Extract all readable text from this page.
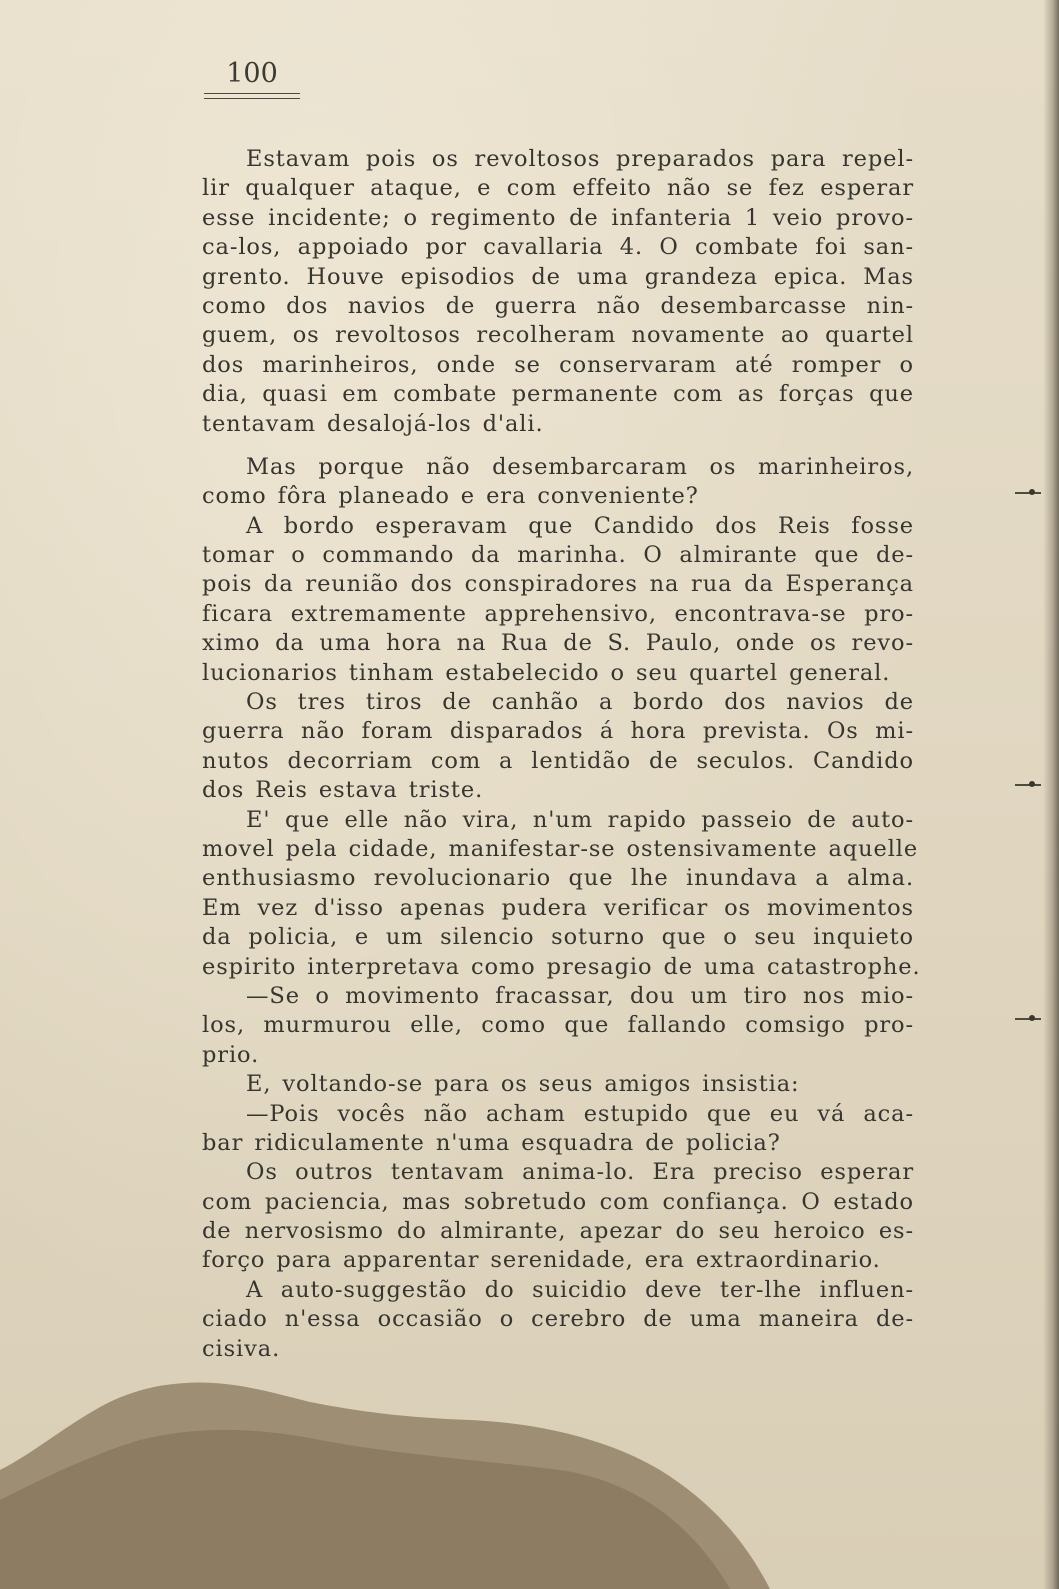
100
Estavam pois os revoltosos preparados para repel-
lir qualquer ataque, e com effeito não se fez esperar
esse incidente; o regimento de infanteria 1 veio provo-
ca-los, appoiado por cavallaria 4. O combate foi san-
grento. Houve episodios de uma grandeza epica. Mas
como dos navios de guerra não desembarcasse nin-
guem, os revoltosos recolheram novamente ao quartel
dos marinheiros, onde se conservaram até romper o
dia, quasi em combate permanente com as forças que
tentavam desalojá-los d'ali.
Mas porque não desembarcaram os marinheiros,
como fôra planeado e era conveniente?
A bordo esperavam que Candido dos Reis fosse
tomar o commando da marinha. O almirante que de-
pois da reunião dos conspiradores na rua da Esperança
ficara extremamente apprehensivo, encontrava-se pro-
ximo da uma hora na Rua de S. Paulo, onde os revo-
lucionarios tinham estabelecido o seu quartel general.
Os tres tiros de canhão a bordo dos navios de
guerra não foram disparados á hora prevista. Os mi-
nutos decorriam com a lentidão de seculos. Candido
dos Reis estava triste.
E' que elle não vira, n'um rapido passeio de auto-
movel pela cidade, manifestar-se ostensivamente aquelle
enthusiasmo revolucionario que lhe inundava a alma.
Em vez d'isso apenas pudera verificar os movimentos
da policia, e um silencio soturno que o seu inquieto
espirito interpretava como presagio de uma catastrophe.
—Se o movimento fracassar, dou um tiro nos mio-
los, murmurou elle, como que fallando comsigo pro-
prio.
E, voltando-se para os seus amigos insistia:
—Pois vocês não acham estupido que eu vá aca-
bar ridiculamente n'uma esquadra de policia?
Os outros tentavam anima-lo. Era preciso esperar
com paciencia, mas sobretudo com confiança. O estado
de nervosismo do almirante, apezar do seu heroico es-
forço para apparentar serenidade, era extraordinario.
A auto-suggestão do suicidio deve ter-lhe influen-
ciado n'essa occasião o cerebro de uma maneira de-
cisiva.
